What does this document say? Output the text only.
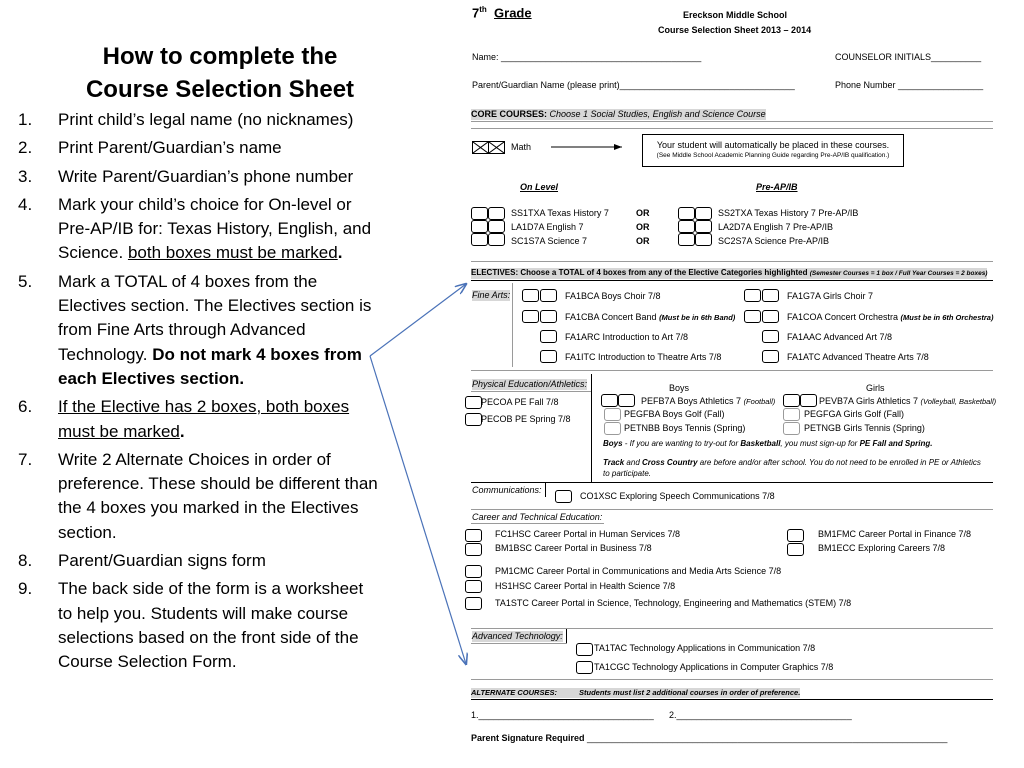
How to complete the
Course Selection Sheet
1.	Print child’s legal name (no nicknames)
2.	Print Parent/Guardian’s name
3.	Write Parent/Guardian’s phone number
4.	Mark your child’s choice for On-level or Pre-AP/IB for: Texas History, English, and Science. both boxes must be marked.
5.	Mark a TOTAL of 4 boxes from the Electives section. The Electives section is from Fine Arts through Advanced Technology. Do not mark 4 boxes from each Electives section.
6.	If the Elective has 2 boxes, both boxes must be marked.
7.	Write 2 Alternate Choices in order of preference. These should be different than the 4 boxes you marked in the Electives section.
8.	Parent/Guardian signs form
9.	The back side of the form is a worksheet to help you. Students will make course selections based on the front side of the Course Selection Form.
7th Grade	Ereckson Middle School
Course Selection Sheet 2013 – 2014
Name: ________________________________________	COUNSELOR INITIALS__________
Parent/Guardian Name (please print)___________________________________	Phone Number _________________
CORE COURSES: Choose 1 Social Studies, English and Science Course
Math	Your student will automatically be placed in these courses.
(See Middle School Academic Planning Guide regarding Pre-AP/IB qualification.)
On Level	Pre-AP/IB
SS1TXA Texas History 7	OR	SS2TXA Texas History 7 Pre-AP/IB
LA1D7A English 7	OR	LA2D7A English 7 Pre-AP/IB
SC1S7A Science 7	OR	SC2S7A Science Pre-AP/IB
ELECTIVES: Choose a TOTAL of 4 boxes from any of the Elective Categories highlighted (Semester Courses = 1 box / Full Year Courses = 2 boxes)
Fine Arts:	FA1BCA Boys Choir 7/8	FA1G7A Girls Choir 7
FA1CBA Concert Band (Must be in 6th Band)	FA1COA Concert Orchestra (Must be in 6th Orchestra)
FA1ARC Introduction to Art 7/8	FA1AAC Advanced Art 7/8
FA1ITC Introduction to Theatre Arts 7/8	FA1ATC Advanced Theatre Arts 7/8
Physical Education/Athletics:
PECOA PE Fall 7/8
PECOB PE Spring 7/8
Boys	Girls
PEFB7A Boys Athletics 7 (Football)	PEVB7A Girls Athletics 7 (Volleyball, Basketball)
PEGFBA Boys Golf (Fall)	PEGFGA Girls Golf (Fall)
PETNBB Boys Tennis (Spring)	PETNGB Girls Tennis (Spring)
Boys - If you are wanting to try-out for Basketball, you must sign-up for PE Fall and Spring.
Track and Cross Country are before and/or after school. You do not need to be enrolled in PE or Athletics
to participate.
Communications:
CO1XSC Exploring Speech Communications 7/8
Career and Technical Education:
FC1HSC Career Portal in Human Services 7/8	BM1FMC Career Portal in Finance 7/8
BM1BSC Career Portal in Business 7/8	BM1ECC Exploring Careers 7/8
PM1CMC Career Portal in Communications and Media Arts Science 7/8
HS1HSC Career Portal in Health Science 7/8
TA1STC Career Portal in Science, Technology, Engineering and Mathematics (STEM) 7/8
Advanced Technology:
TA1TAC Technology Applications in Communication 7/8
TA1CGC Technology Applications in Computer Graphics 7/8
ALTERNATE COURSES:	Students must list 2 additional courses in order of preference.
1.___________________________________ 2.___________________________________
Parent Signature Required ________________________________________________________________________
